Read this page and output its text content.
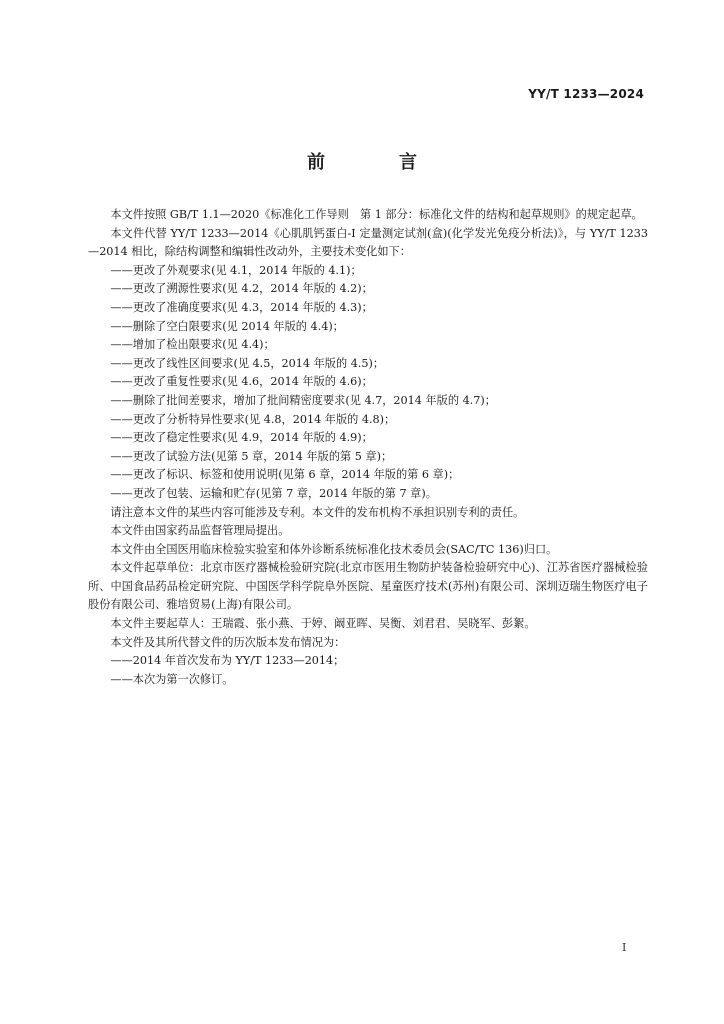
YY/T 1233—2024
前　言

本文件按照 GB/T 1.1—2020《标准化工作导则　第 1 部分：标准化文件的结构和起草规则》的规定起草。

本文件代替 YY/T 1233—2014《心肌肌钙蛋白-I 定量测定试剂(盒)(化学发光免疫分析法)》，与 YY/T 1233—2014 相比，除结构调整和编辑性改动外，主要技术变化如下：

——更改了外观要求(见 4.1，2014 年版的 4.1)；

——更改了溯源性要求(见 4.2，2014 年版的 4.2)；

——更改了准确度要求(见 4.3，2014 年版的 4.3)；

——删除了空白限要求(见 2014 年版的 4.4)；

——增加了检出限要求(见 4.4)；

——更改了线性区间要求(见 4.5，2014 年版的 4.5)；

——更改了重复性要求(见 4.6，2014 年版的 4.6)；

——删除了批间差要求，增加了批间精密度要求(见 4.7，2014 年版的 4.7)；

——更改了分析特异性要求(见 4.8，2014 年版的 4.8)；

——更改了稳定性要求(见 4.9，2014 年版的 4.9)；

——更改了试验方法(见第 5 章，2014 年版的第 5 章)；

——更改了标识、标签和使用说明(见第 6 章，2014 年版的第 6 章)；

——更改了包装、运输和贮存(见第 7 章，2014 年版的第 7 章)。

请注意本文件的某些内容可能涉及专利。本文件的发布机构不承担识别专利的责任。

本文件由国家药品监督管理局提出。

本文件由全国医用临床检验实验室和体外诊断系统标准化技术委员会(SAC/TC 136)归口。

本文件起草单位：北京市医疗器械检验研究院(北京市医用生物防护装备检验研究中心)、江苏省医疗器械检验所、中国食品药品检定研究院、中国医学科学院阜外医院、星童医疗技术(苏州)有限公司、深圳迈瑞生物医疗电子股份有限公司、雅培贸易(上海)有限公司。

本文件主要起草人：王瑞霞、张小燕、于婷、阚亚晖、吴衡、刘君君、吴晓军、彭絮。

本文件及其所代替文件的历次版本发布情况为：

——2014 年首次发布为 YY/T 1233—2014；

——本次为第一次修订。

I
